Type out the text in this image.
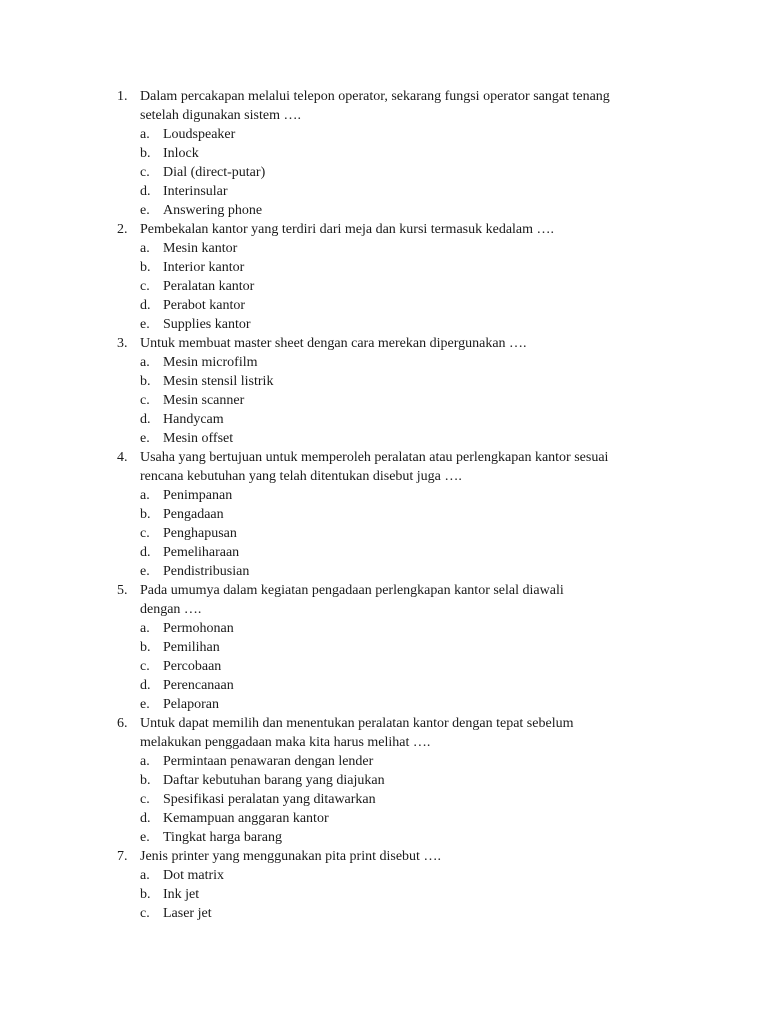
1. Dalam percakapan melalui telepon operator, sekarang fungsi operator sangat tenang
setelah digunakan sistem ….
a. Loudspeaker
b. Inlock
c. Dial (direct-putar)
d. Interinsular
e. Answering phone
2. Pembekalan kantor yang terdiri dari meja dan kursi termasuk kedalam ….
a. Mesin kantor
b. Interior kantor
c. Peralatan kantor
d. Perabot kantor
e. Supplies kantor
3. Untuk membuat master sheet dengan cara merekan dipergunakan ….
a. Mesin microfilm
b. Mesin stensil listrik
c. Mesin scanner
d. Handycam
e. Mesin offset
4. Usaha yang bertujuan untuk memperoleh peralatan atau perlengkapan kantor sesuai
rencana kebutuhan yang telah ditentukan disebut juga ….
a. Penimpanan
b. Pengadaan
c. Penghapusan
d. Pemeliharaan
e. Pendistribusian
5. Pada umumya dalam kegiatan pengadaan perlengkapan kantor selal diawali
dengan ….
a. Permohonan
b. Pemilihan
c. Percobaan
d. Perencanaan
e. Pelaporan
6. Untuk dapat memilih dan menentukan peralatan kantor dengan tepat sebelum
melakukan penggadaan maka kita harus melihat ….
a. Permintaan penawaran dengan lender
b. Daftar kebutuhan barang yang diajukan
c. Spesifikasi peralatan yang ditawarkan
d. Kemampuan anggaran kantor
e. Tingkat harga barang
7. Jenis printer yang menggunakan pita print disebut ….
a. Dot matrix
b. Ink jet
c. Laser jet
